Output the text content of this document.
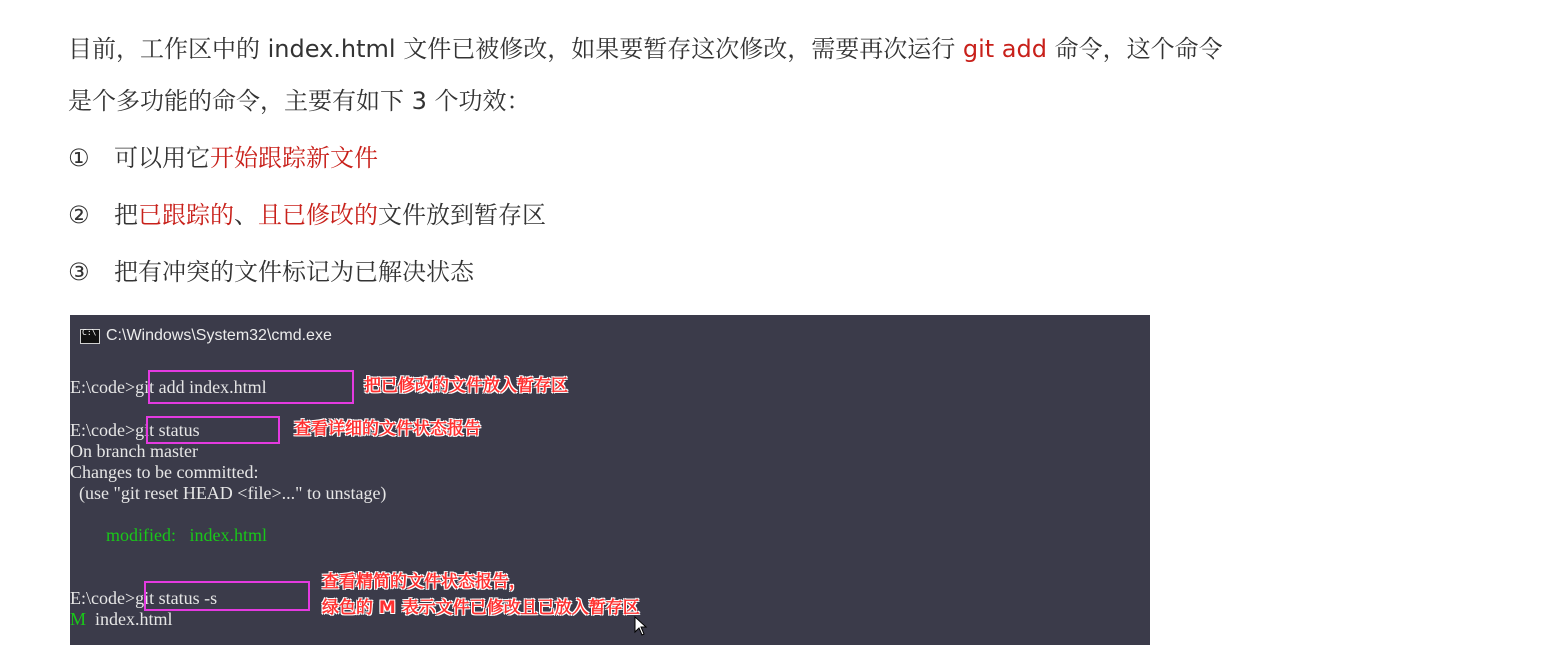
目前，工作区中的 index.html 文件已被修改，如果要暂存这次修改，需要再次运行 git add 命令，这个命令
是个多功能的命令，主要有如下 3 个功效：
① 可以用它开始跟踪新文件
② 把已跟踪的、且已修改的文件放到暂存区
③ 把有冲突的文件标记为已解决状态
C:\
C:\Windows\System32\cmd.exe
E:\code>git add index.html	把已修改的文件放入暂存区
E:\code>git status	查看详细的文件状态报告
On branch master
Changes to be committed:
(use "git reset HEAD <file>..." to unstage)
modified:   index.html
E:\code>git status -s
查看精简的文件状态报告，
绿色的 M 表示文件已修改且已放入暂存区
M  index.html
